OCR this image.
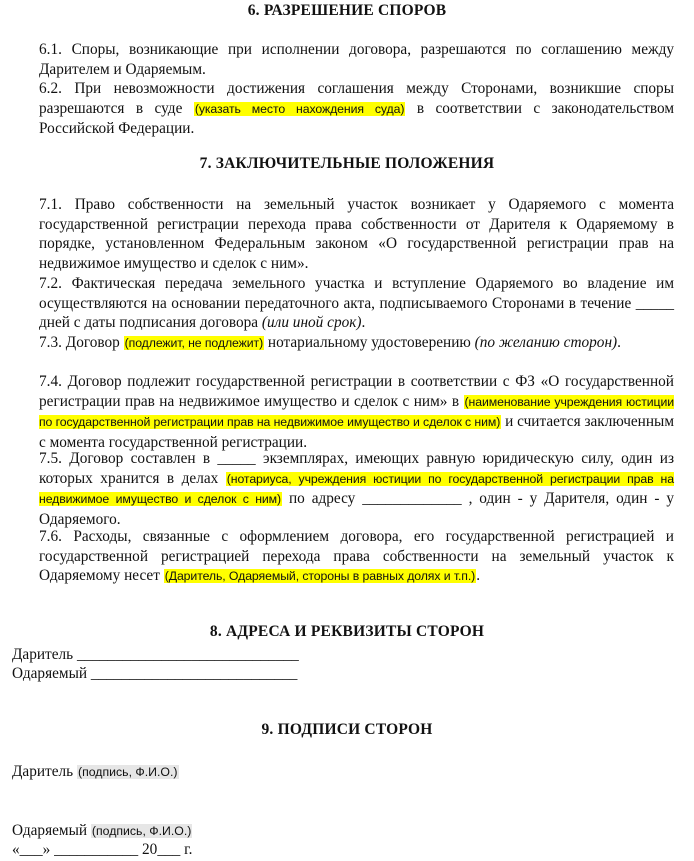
6. РАЗРЕШЕНИЕ СПОРОВ
6.1. Споры, возникающие при исполнении договора, разрешаются по соглашению между Дарителем и Одаряемым.
6.2. При невозможности достижения соглашения между Сторонами, возникшие споры разрешаются в суде (указать место нахождения суда) в соответствии с законодательством Российской Федерации.
7. ЗАКЛЮЧИТЕЛЬНЫЕ ПОЛОЖЕНИЯ
7.1. Право собственности на земельный участок возникает у Одаряемого с момента государственной регистрации перехода права собственности от Дарителя к Одаряемому в порядке, установленном Федеральным законом «О государственной регистрации прав на недвижимое имущество и сделок с ним».
7.2. Фактическая передача земельного участка и вступление Одаряемого во владение им осуществляются на основании передаточного акта, подписываемого Сторонами в течение _____ дней с даты подписания договора (или иной срок).
7.3. Договор (подлежит, не подлежит) нотариальному удостоверению (по желанию сторон).
7.4. Договор подлежит государственной регистрации в соответствии с ФЗ «О государственной регистрации прав на недвижимое имущество и сделок с ним» в (наименование учреждения юстиции по государственной регистрации прав на недвижимое имущество и сделок с ним) и считается заключенным с момента государственной регистрации.
7.5. Договор составлен в _____ экземплярах, имеющих равную юридическую силу, один из которых хранится в делах (нотариуса, учреждения юстиции по государственной регистрации прав на недвижимое имущество и сделок с ним) по адресу _____________ , один - у Дарителя, один - у Одаряемого.
7.6. Расходы, связанные с оформлением договора, его государственной регистрацией и государственной регистрацией перехода права собственности на земельный участок к Одаряемому несет (Даритель, Одаряемый, стороны в равных долях и т.п.).
8. АДРЕСА И РЕКВИЗИТЫ СТОРОН
Даритель _____________________________
Одаряемый ___________________________
9. ПОДПИСИ СТОРОН
Даритель (подпись, Ф.И.О.)
Одаряемый (подпись, Ф.И.О.)
«___» ___________ 20___ г.
